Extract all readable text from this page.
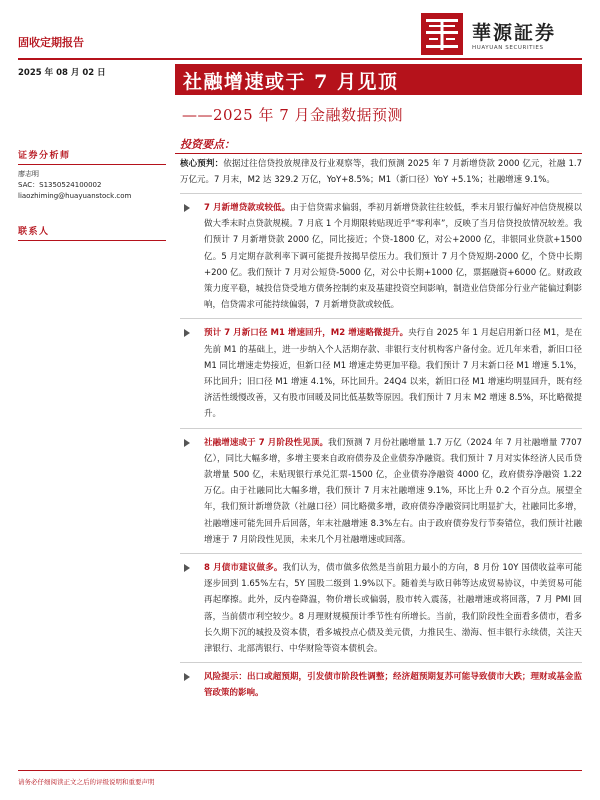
固收定期报告	華源証券
HUAYUAN SECURITIES
2025 年 08 月 02 日	社融增速或于 7 月见顶
——2025 年 7 月金融数据预测
投资要点：
证券分析师
廖志明
SAC：S1350524100002
liaozhiming@huayuanstock.com
联系人

核心预判：依据过往信贷投放规律及行业观察等，我们预测 2025 年 7 月新增贷款 2000 亿元，社融 1.7 万亿元。7 月末，M2 达 329.2 万亿，YoY+8.5%；M1（新口径）YoY +5.1%；社融增速 9.1%。

7 月新增贷款或较低。由于信贷需求偏弱，季初月新增贷款往往较低，季末月银行偏好冲信贷规模以做大季末时点贷款规模。7 月底 1 个月期限转贴现近乎“零利率”，反映了当月信贷投放情况较差。我们预计 7 月新增贷款 2000 亿，同比接近；个贷-1800 亿，对公+2000 亿，非银同业贷款+1500 亿。5 月定期存款利率下调可能提升按揭早偿压力。我们预计 7 月个贷短期-2000 亿，个贷中长期+200 亿。我们预计 7 月对公短贷-5000 亿，对公中长期+1000 亿，票据融资+6000 亿。财政政策力度平稳，城投信贷受地方债务控制约束及基建投资空间影响，制造业信贷部分行业产能偏过剩影响，信贷需求可能持续偏弱，7 月新增贷款或较低。
预计 7 月新口径 M1 增速回升，M2 增速略微提升。央行自 2025 年 1 月起启用新口径 M1，是在先前 M1 的基础上，进一步纳入个人活期存款、非银行支付机构客户备付金。近几年来看，新旧口径 M1 同比增速走势接近，但新口径 M1 增速走势更加平稳。我们预计 7 月末新口径 M1 增速 5.1%，环比回升；旧口径 M1 增速 4.1%，环比回升。24Q4 以来，新旧口径 M1 增速均明显回升，既有经济活性缓慢改善，又有股市回暖及同比低基数等原因。我们预计 7 月末 M2 增速 8.5%，环比略微提升。
社融增速或于 7 月阶段性见顶。我们预测 7 月份社融增量 1.7 万亿（2024 年 7 月社融增量 7707 亿），同比大幅多增，多增主要来自政府债券及企业债券净融资。我们预计 7 月对实体经济人民币贷款增量 500 亿，未贴现银行承兑汇票-1500 亿，企业债券净融资 4000 亿，政府债券净融资 1.22 万亿。由于社融同比大幅多增，我们预计 7 月末社融增速 9.1%，环比上升 0.2 个百分点。展望全年，我们预计新增贷款（社融口径）同比略微多增，政府债券净融资同比明显扩大，社融同比多增，社融增速可能先回升后回落，年末社融增速 8.3%左右。由于政府债券发行节奏错位，我们预计社融增速于 7 月阶段性见顶，未来几个月社融增速或回落。
8 月债市建议做多。我们认为，债市做多依然是当前阻力最小的方向，8 月份 10Y 国债收益率可能逐步回到 1.65%左右，5Y 国股二级到 1.9%以下。随着美与欧日韩等达成贸易协议，中美贸易可能再起摩擦。此外，反内卷降温，物价增长或偏弱，股市转入震荡，社融增速或将回落，7 月 PMI 回落，当前债市利空较少。8 月理财规模预计季节性有所增长。当前，我们阶段性全面看多债市，看多长久期下沉的城投及资本债，看多城投点心债及美元债，力推民生、渤海、恒丰银行永续债，关注天津银行、北部湾银行、中华财险等资本债机会。
风险提示：出口或超预期，引发债市阶段性调整；经济超预期复苏可能导致债市大跌；理财或基金监管政策的影响。
请务必仔细阅读正文之后的评级说明和重要声明
